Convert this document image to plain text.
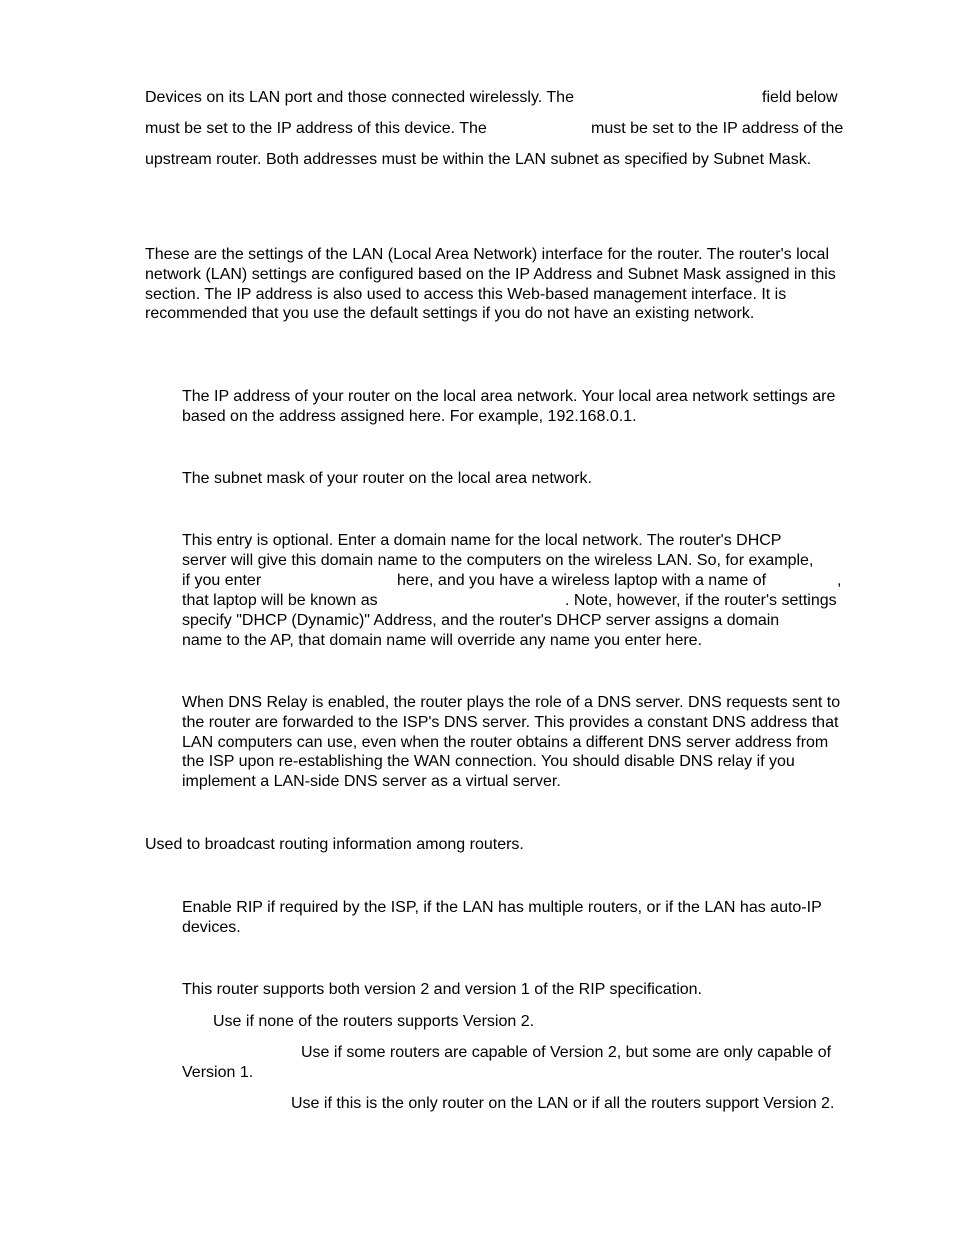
Devices on its LAN port and those connected wirelessly. The	field below
must be set to the IP address of this device. The	must be set to the IP address of the
upstream router. Both addresses must be within the LAN subnet as specified by Subnet Mask.
These are the settings of the LAN (Local Area Network) interface for the router. The router's local network (LAN) settings are configured based on the IP Address and Subnet Mask assigned in this section. The IP address is also used to access this Web-based management interface. It is recommended that you use the default settings if you do not have an existing network.
The IP address of your router on the local area network. Your local area network settings are based on the address assigned here. For example, 192.168.0.1.
The subnet mask of your router on the local area network.
This entry is optional. Enter a domain name for the local network. The router's DHCP
server will give this domain name to the computers on the wireless LAN. So, for example,
if you enter	here, and you have a wireless laptop with a name of	,
that laptop will be known as	. Note, however, if the router's settings
specify "DHCP (Dynamic)" Address, and the router's DHCP server assigns a domain
name to the AP, that domain name will override any name you enter here.
When DNS Relay is enabled, the router plays the role of a DNS server. DNS requests sent to the router are forwarded to the ISP's DNS server. This provides a constant DNS address that LAN computers can use, even when the router obtains a different DNS server address from the ISP upon re-establishing the WAN connection. You should disable DNS relay if you implement a LAN-side DNS server as a virtual server.
Used to broadcast routing information among routers.
Enable RIP if required by the ISP, if the LAN has multiple routers, or if the LAN has auto-IP devices.
This router supports both version 2 and version 1 of the RIP specification.
Use if none of the routers supports Version 2.
Use if some routers are capable of Version 2, but some are only capable of Version 1.
Use if this is the only router on the LAN or if all the routers support Version 2.
